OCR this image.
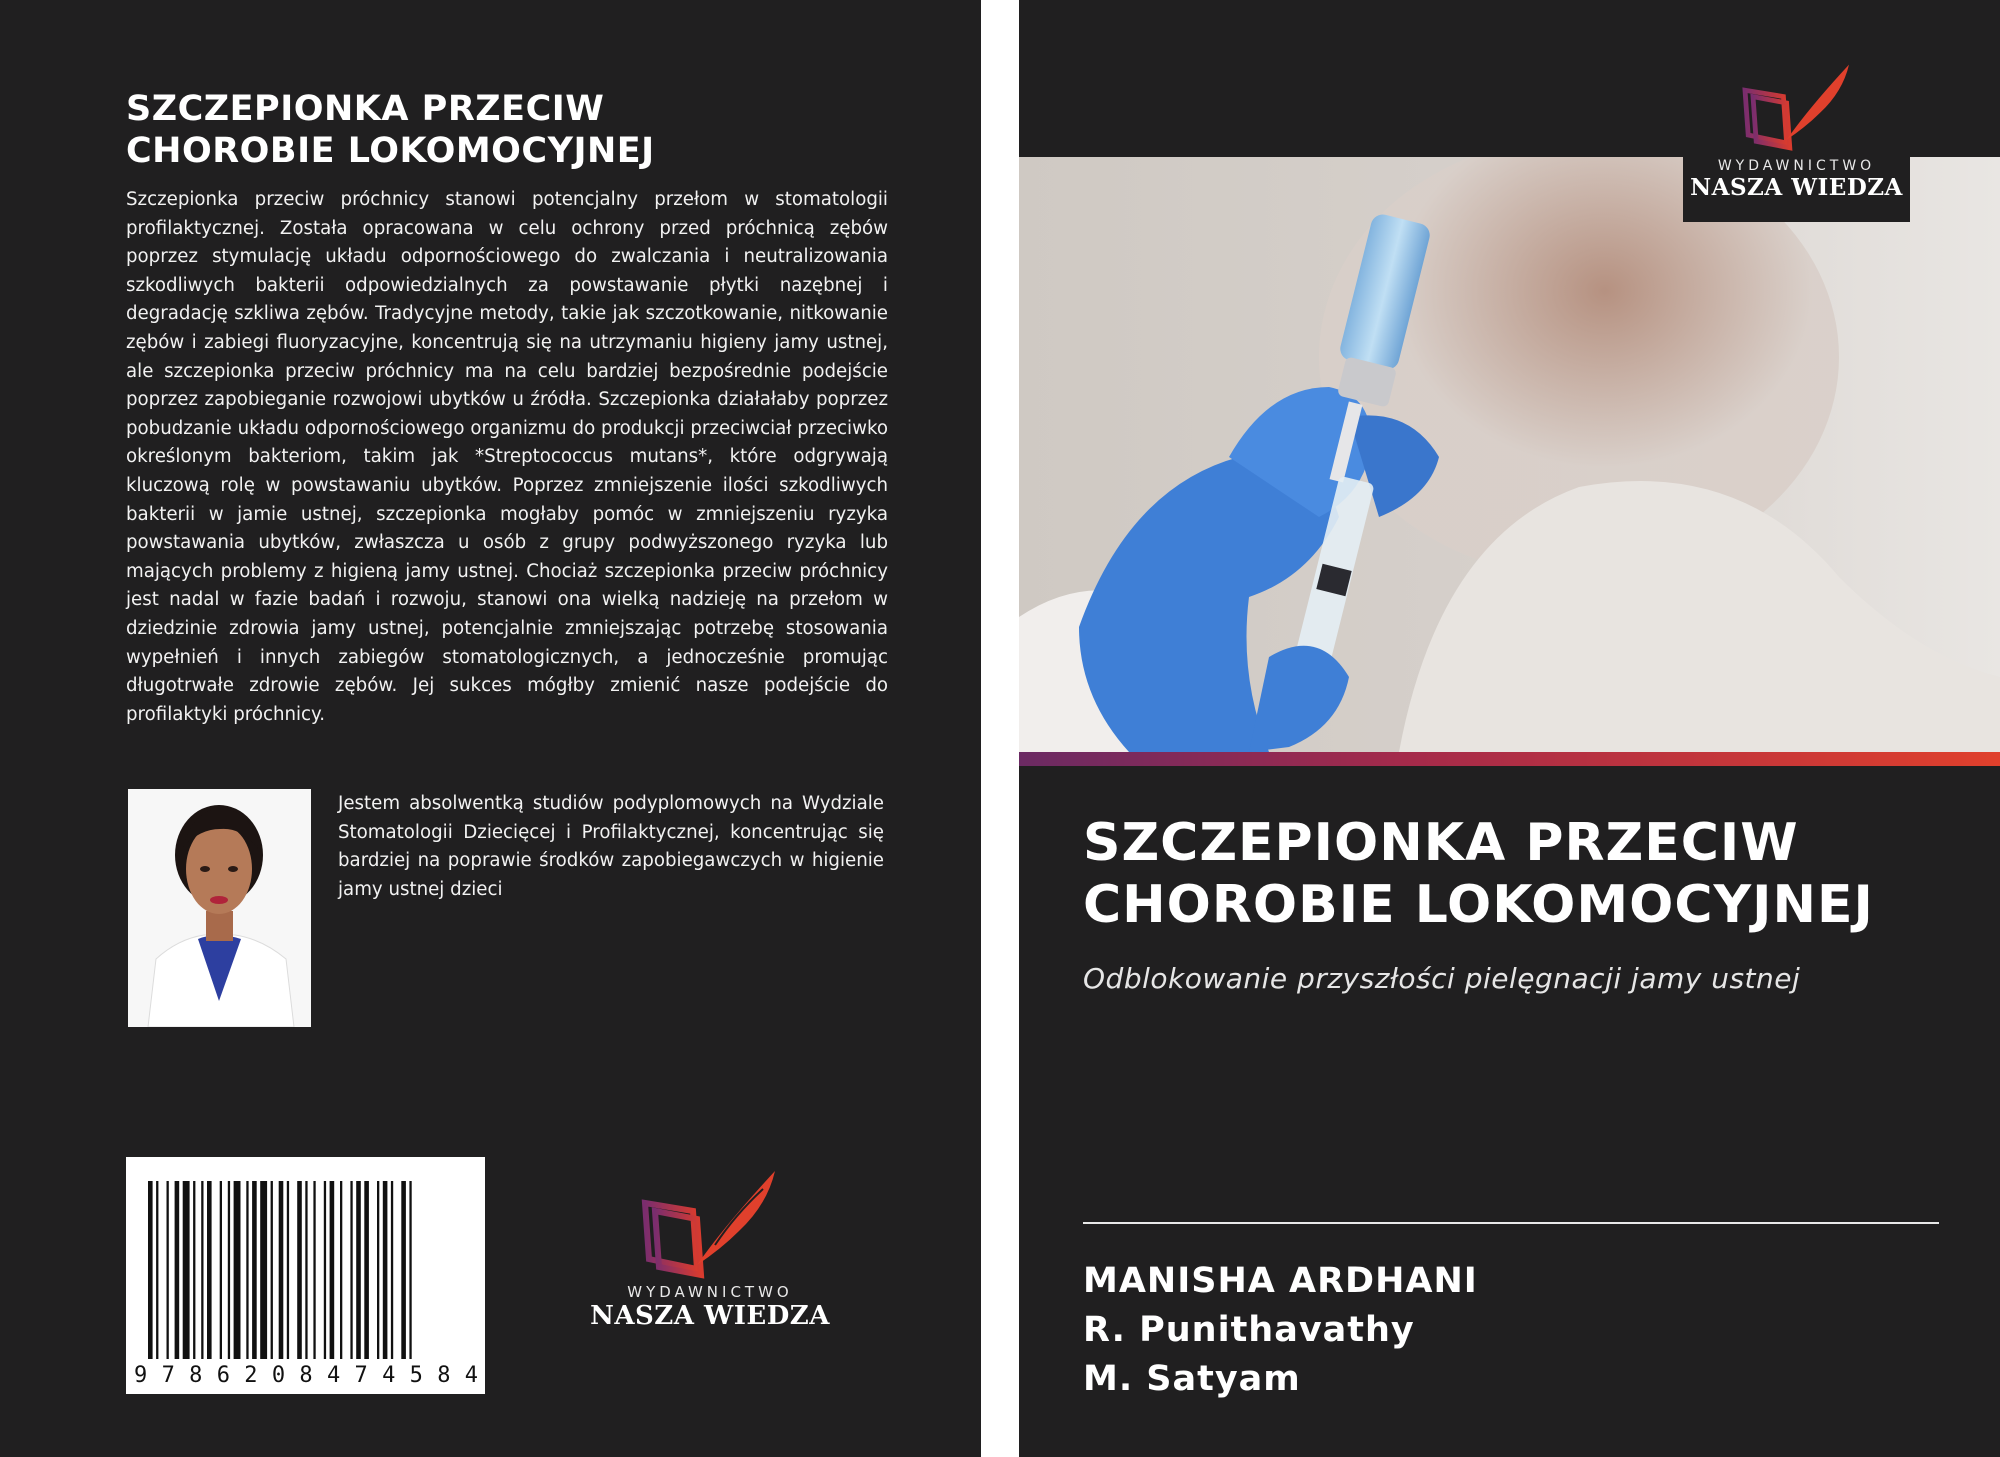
SZCZEPIONKA PRZECIW
CHOROBIE LOKOMOCYJNEJ

Szczepionka przeciw próchnicy stanowi potencjalny przełom w stomatologii profilaktycznej. Została opracowana w celu ochrony przed próchnicą zębów poprzez stymulację układu odpornościowego do zwalczania i neutralizowania szkodliwych bakterii odpowiedzialnych za powstawanie płytki nazębnej i degradację szkliwa zębów. Tradycyjne metody, takie jak szczotkowanie, nitkowanie zębów i zabiegi fluoryzacyjne, koncentrują się na utrzymaniu higieny jamy ustnej, ale szczepionka przeciw próchnicy ma na celu bardziej bezpośrednie podejście poprzez zapobieganie rozwojowi ubytków u źródła. Szczepionka działałaby poprzez pobudzanie układu odpornościowego organizmu do produkcji przeciwciał przeciwko określonym bakteriom, takim jak *Streptococcus mutans*, które odgrywają kluczową rolę w powstawaniu ubytków. Poprzez zmniejszenie ilości szkodliwych bakterii w jamie ustnej, szczepionka mogłaby pomóc w zmniejszeniu ryzyka powstawania ubytków, zwłaszcza u osób z grupy podwyższonego ryzyka lub mających problemy z higieną jamy ustnej. Chociaż szczepionka przeciw próchnicy jest nadal w fazie badań i rozwoju, stanowi ona wielką nadzieję na przełom w dziedzinie zdrowia jamy ustnej, potencjalnie zmniejszając potrzebę stosowania wypełnień i innych zabiegów stomatologicznych, a jednocześnie promując długotrwałe zdrowie zębów. Jej sukces mógłby zmienić nasze podejście do profilaktyki próchnicy.

Jestem absolwentką studiów podyplomowych na Wydziale Stomatologii Dziecięcej i Profilaktycznej, koncentrując się bardziej na poprawie środków zapobiegawczych w higienie jamy ustnej dzieci

9 7 8 6 2 0 8 4 7 4 5 8 4
WYDAWNICTWO
NASZA WIEDZA
WYDAWNICTWO
NASZA WIEDZA
SZCZEPIONKA PRZECIW
CHOROBIE LOKOMOCYJNEJ
Odblokowanie przyszłości pielęgnacji jamy ustnej
MANISHA ARDHANI
R. Punithavathy
M. Satyam
